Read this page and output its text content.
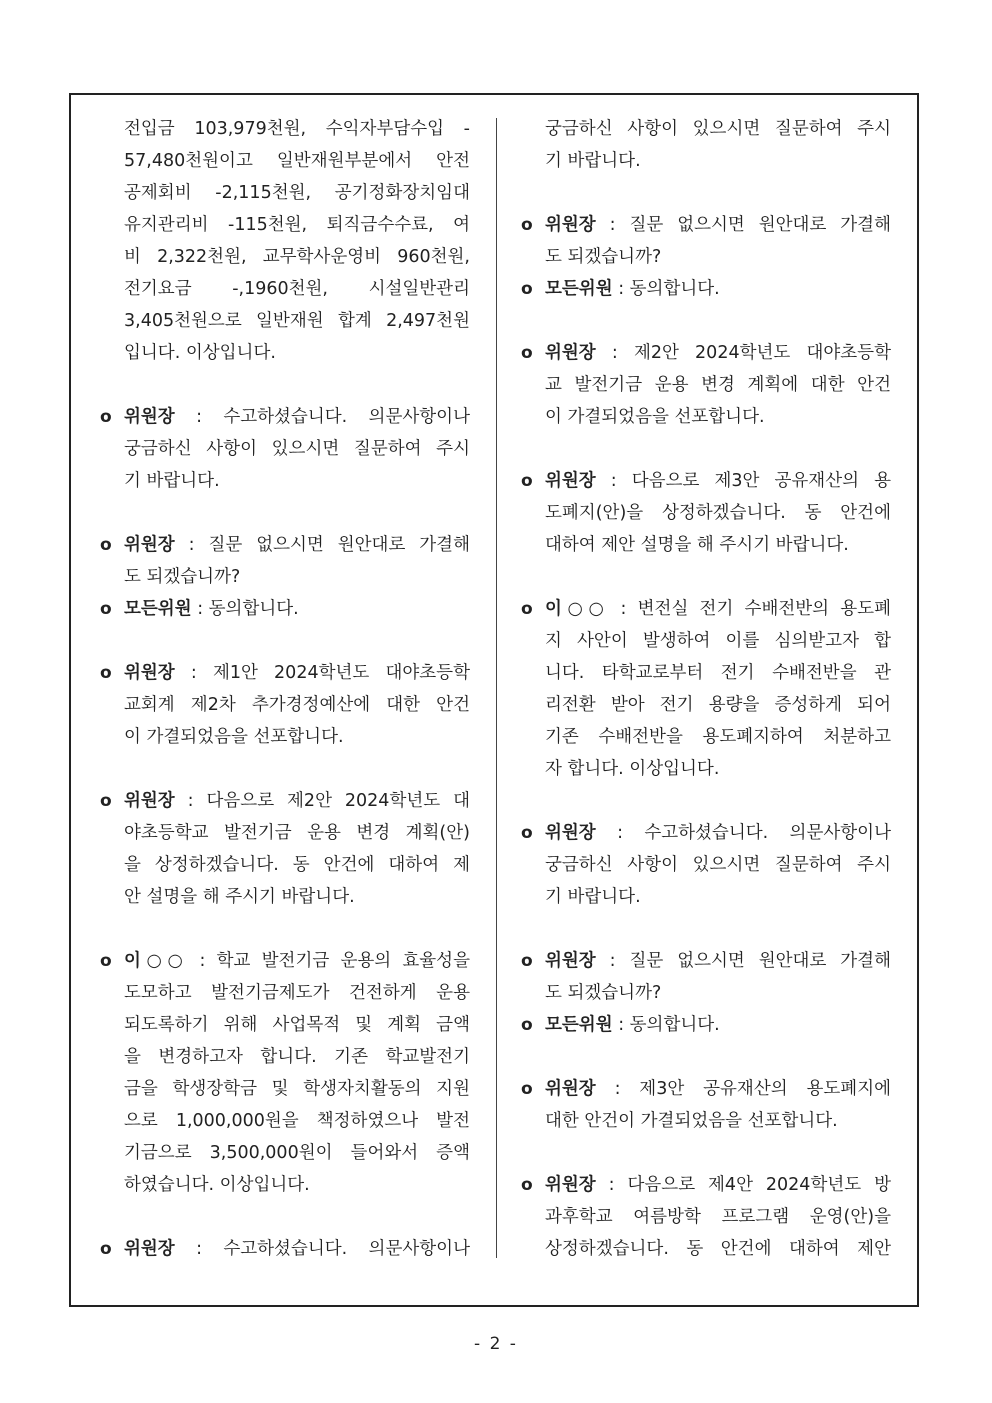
전입금 103,979천원, 수익자부담수입 -
57,480천원이고 일반재원부분에서 안전
공제회비 -2,115천원, 공기정화장치임대
유지관리비 -115천원, 퇴직금수수료, 여
비 2,322천원, 교무학사운영비 960천원,
전기요금 -,1960천원, 시설일반관리
3,405천원으로 일반재원 합계 2,497천원
입니다. 이상입니다.
o 위원장 : 수고하셨습니다. 의문사항이나
궁금하신 사항이 있으시면 질문하여 주시
기 바랍니다.
o 위원장 : 질문 없으시면 원안대로 가결해
도 되겠습니까?
o 모든위원 : 동의합니다.
o 위원장 : 제1안 2024학년도 대야초등학
교회계 제2차 추가경정예산에 대한 안건
이 가결되었음을 선포합니다.
o 위원장 : 다음으로 제2안 2024학년도 대
야초등학교 발전기금 운용 변경 계획(안)
을 상정하겠습니다. 동 안건에 대하여 제
안 설명을 해 주시기 바랍니다.
o 이○○ : 학교 발전기금 운용의 효율성을
도모하고 발전기금제도가 건전하게 운용
되도록하기 위해 사업목적 및 계획 금액
을 변경하고자 합니다. 기존 학교발전기
금을 학생장학금 및 학생자치활동의 지원
으로 1,000,000원을 책정하였으나 발전
기금으로 3,500,000원이 들어와서 증액
하였습니다. 이상입니다.
o 위원장 : 수고하셨습니다. 의문사항이나
궁금하신 사항이 있으시면 질문하여 주시
기 바랍니다.
o 위원장 : 질문 없으시면 원안대로 가결해
도 되겠습니까?
o 모든위원 : 동의합니다.
o 위원장 : 제2안 2024학년도 대야초등학
교 발전기금 운용 변경 계획에 대한 안건
이 가결되었음을 선포합니다.
o 위원장 : 다음으로 제3안 공유재산의 용
도폐지(안)을 상정하겠습니다. 동 안건에
대하여 제안 설명을 해 주시기 바랍니다.
o 이○○ : 변전실 전기 수배전반의 용도폐
지 사안이 발생하여 이를 심의받고자 합
니다. 타학교로부터 전기 수배전반을 관
리전환 받아 전기 용량을 증성하게 되어
기존 수배전반을 용도폐지하여 처분하고
자 합니다. 이상입니다.
o 위원장 : 수고하셨습니다. 의문사항이나
궁금하신 사항이 있으시면 질문하여 주시
기 바랍니다.
o 위원장 : 질문 없으시면 원안대로 가결해
도 되겠습니까?
o 모든위원 : 동의합니다.
o 위원장 : 제3안 공유재산의 용도폐지에
대한 안건이 가결되었음을 선포합니다.
o 위원장 : 다음으로 제4안 2024학년도 방
과후학교 여름방학 프로그램 운영(안)을
상정하겠습니다. 동 안건에 대하여 제안
- 2 -
